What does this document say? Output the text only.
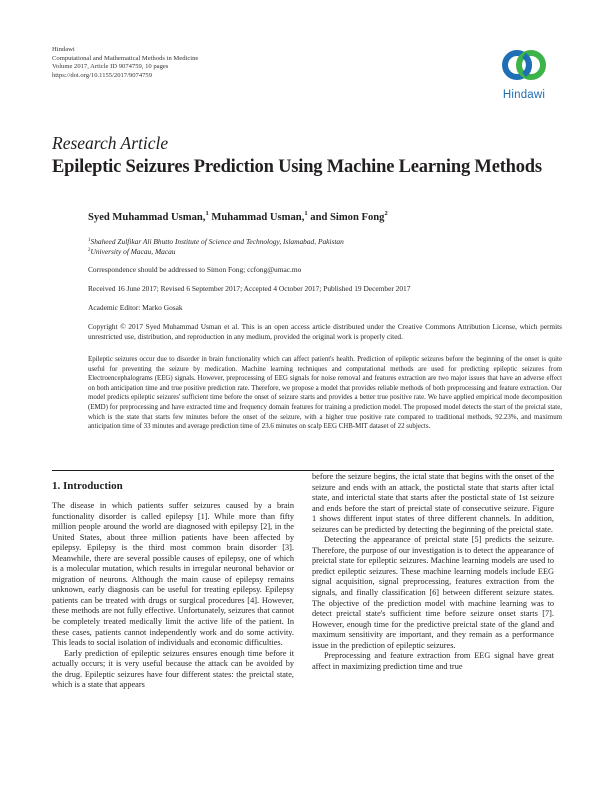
Hindawi
Computational and Mathematical Methods in Medicine
Volume 2017, Article ID 9074759, 10 pages
https://doi.org/10.1155/2017/9074759
Hindawi
Research Article
Epileptic Seizures Prediction Using Machine Learning Methods
Syed Muhammad Usman,$^1$ Muhammad Usman,$^1$ and Simon Fong$^2$
$^1$Shaheed Zulfikar Ali Bhutto Institute of Science and Technology, Islamabad, Pakistan
$^2$University of Macau, Macau
Correspondence should be addressed to Simon Fong; ccfong@umac.mo
Received 16 June 2017; Revised 6 September 2017; Accepted 4 October 2017; Published 19 December 2017
Academic Editor: Marko Gosak
Copyright © 2017 Syed Muhammad Usman et al. This is an open access article distributed under the Creative Commons Attribution License, which permits unrestricted use, distribution, and reproduction in any medium, provided the original work is properly cited.
Epileptic seizures occur due to disorder in brain functionality which can affect patient's health. Prediction of epileptic seizures before the beginning of the onset is quite useful for preventing the seizure by medication. Machine learning techniques and computational methods are used for predicting epileptic seizures from Electroencephalograms (EEG) signals. However, preprocessing of EEG signals for noise removal and features extraction are two major issues that have an adverse effect on both anticipation time and true positive prediction rate. Therefore, we propose a model that provides reliable methods of both preprocessing and feature extraction. Our model predicts epileptic seizures' sufficient time before the onset of seizure starts and provides a better true positive rate. We have applied empirical mode decomposition (EMD) for preprocessing and have extracted time and frequency domain features for training a prediction model. The proposed model detects the start of the preictal state, which is the state that starts few minutes before the onset of the seizure, with a higher true positive rate compared to traditional methods, 92.23%, and maximum anticipation time of 33 minutes and average prediction time of 23.6 minutes on scalp EEG CHB-MIT dataset of 22 subjects.
1. Introduction

The disease in which patients suffer seizures caused by a brain functionality disorder is called epilepsy [1]. While more than fifty million people around the world are diagnosed with epilepsy [2], in the United States, about three million patients have been affected by epilepsy. Epilepsy is the third most common brain disorder [3]. Meanwhile, there are several possible causes of epilepsy, one of which is a molecular mutation, which results in irregular neuronal behavior or migration of neurons. Although the main cause of epilepsy remains unknown, early diagnosis can be useful for treating epilepsy. Epilepsy patients can be treated with drugs or surgical procedures [4]. However, these methods are not fully effective. Unfortunately, seizures that cannot be completely treated medically limit the active life of the patient. In these cases, patients cannot independently work and do some activity. This leads to social isolation of individuals and economic difficulties.

Early prediction of epileptic seizures ensures enough time before it actually occurs; it is very useful because the attack can be avoided by the drug. Epileptic seizures have four different states: the preictal state, which is a state that appears

before the seizure begins, the ictal state that begins with the onset of the seizure and ends with an attack, the postictal state that starts after ictal state, and interictal state that starts after the postictal state of 1st seizure and ends before the start of preictal state of consecutive seizure. Figure 1 shows different input states of three different channels. In addition, seizures can be predicted by detecting the beginning of the preictal state.

Detecting the appearance of preictal state [5] predicts the seizure. Therefore, the purpose of our investigation is to detect the appearance of preictal state for epileptic seizures. Machine learning models are used to predict epileptic seizures. These machine learning models include EEG signal acquisition, signal preprocessing, features extraction from the signals, and finally classification [6] between different seizure states. The objective of the prediction model with machine learning was to detect preictal state's sufficient time before seizure onset starts [7]. However, enough time for the predictive preictal state of the gland and maximum sensitivity are important, and they remain as a performance issue in the prediction of epileptic seizures.

Preprocessing and feature extraction from EEG signal have great affect in maximizing prediction time and true
